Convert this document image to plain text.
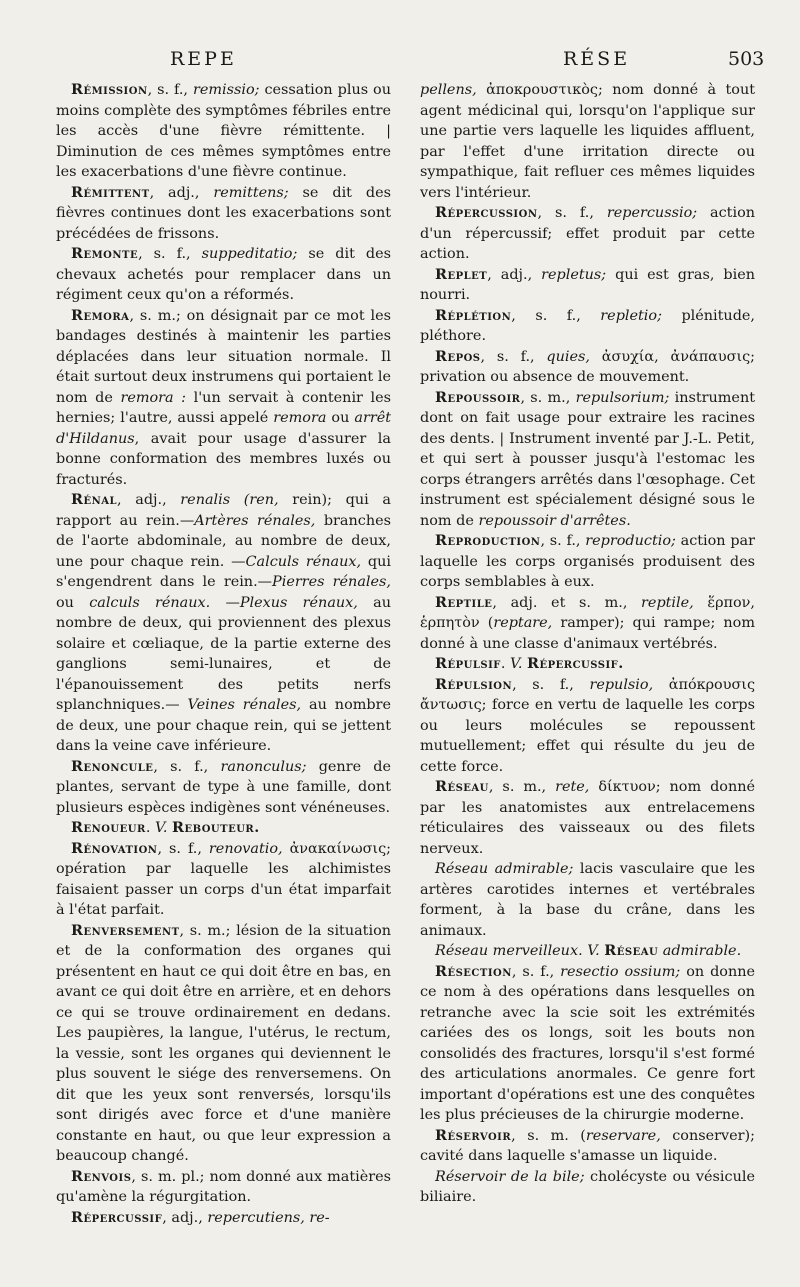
REPE	RÉSE	503

Rémission, s. f., remissio; cessation plus ou moins complète des symptômes fébriles entre les accès d'une fièvre rémittente. | Diminution de ces mêmes symptômes entre les exacerbations d'une fièvre continue.

Rémittent, adj., remittens; se dit des fièvres continues dont les exacerbations sont précédées de frissons.

Remonte, s. f., suppeditatio; se dit des chevaux achetés pour remplacer dans un régiment ceux qu'on a réformés.

Remora, s. m.; on désignait par ce mot les bandages destinés à maintenir les parties déplacées dans leur situation normale. Il était surtout deux instrumens qui portaient le nom de remora : l'un servait à contenir les hernies; l'autre, aussi appelé remora ou arrêt d'Hildanus, avait pour usage d'assurer la bonne conformation des membres luxés ou fracturés.

Rénal, adj., renalis (ren, rein); qui a rapport au rein.—Artères rénales, branches de l'aorte abdominale, au nombre de deux, une pour chaque rein. —Calculs rénaux, qui s'engendrent dans le rein.—Pierres rénales, ou calculs rénaux. —Plexus rénaux, au nombre de deux, qui proviennent des plexus solaire et cœliaque, de la partie externe des ganglions semi-lunaires, et de l'épanouissement des petits nerfs splanchniques.— Veines rénales, au nombre de deux, une pour chaque rein, qui se jettent dans la veine cave inférieure.

Renoncule, s. f., ranonculus; genre de plantes, servant de type à une famille, dont plusieurs espèces indigènes sont vénéneuses.

Renoueur. V. Rebouteur.

Rénovation, s. f., renovatio, ἀνακαίνωσις; opération par laquelle les alchimistes faisaient passer un corps d'un état imparfait à l'état parfait.

Renversement, s. m.; lésion de la situation et de la conformation des organes qui présentent en haut ce qui doit être en bas, en avant ce qui doit être en arrière, et en dehors ce qui se trouve ordinairement en dedans. Les paupières, la langue, l'utérus, le rectum, la vessie, sont les organes qui deviennent le plus souvent le siége des renversemens. On dit que les yeux sont renversés, lorsqu'ils sont dirigés avec force et d'une manière constante en haut, ou que leur expression a beaucoup changé.

Renvois, s. m. pl.; nom donné aux matières qu'amène la régurgitation.

Répercussif, adj., repercutiens, re-

pellens, ἀποκρουστικὸς; nom donné à tout agent médicinal qui, lorsqu'on l'applique sur une partie vers laquelle les liquides affluent, par l'effet d'une irritation directe ou sympathique, fait refluer ces mêmes liquides vers l'intérieur.

Répercussion, s. f., repercussio; action d'un répercussif; effet produit par cette action.

Replet, adj., repletus; qui est gras, bien nourri.

Réplétion, s. f., repletio; plénitude, pléthore.

Repos, s. f., quies, ἀσυχία, ἀνάπαυσις; privation ou absence de mouvement.

Repoussoir, s. m., repulsorium; instrument dont on fait usage pour extraire les racines des dents. | Instrument inventé par J.-L. Petit, et qui sert à pousser jusqu'à l'estomac les corps étrangers arrêtés dans l'œsophage. Cet instrument est spécialement désigné sous le nom de repoussoir d'arrêtes.

Reproduction, s. f., reproductio; action par laquelle les corps organisés produisent des corps semblables à eux.

Reptile, adj. et s. m., reptile, ἕρπον, ἑρπητὸν (reptare, ramper); qui rampe; nom donné à une classe d'animaux vertébrés.

Répulsif. V. Répercussif.

Répulsion, s. f., repulsio, ἀπόκρουσις ἄντωσις; force en vertu de laquelle les corps ou leurs molécules se repoussent mutuellement; effet qui résulte du jeu de cette force.

Réseau, s. m., rete, δίκτυον; nom donné par les anatomistes aux entrelacemens réticulaires des vaisseaux ou des filets nerveux.

Réseau admirable; lacis vasculaire que les artères carotides internes et vertébrales forment, à la base du crâne, dans les animaux.

Réseau merveilleux. V. Réseau admirable.

Résection, s. f., resectio ossium; on donne ce nom à des opérations dans lesquelles on retranche avec la scie soit les extrémités cariées des os longs, soit les bouts non consolidés des fractures, lorsqu'il s'est formé des articulations anormales. Ce genre fort important d'opérations est une des conquêtes les plus précieuses de la chirurgie moderne.

Réservoir, s. m. (reservare, conserver); cavité dans laquelle s'amasse un liquide.

Réservoir de la bile; cholécyste ou vésicule biliaire.
